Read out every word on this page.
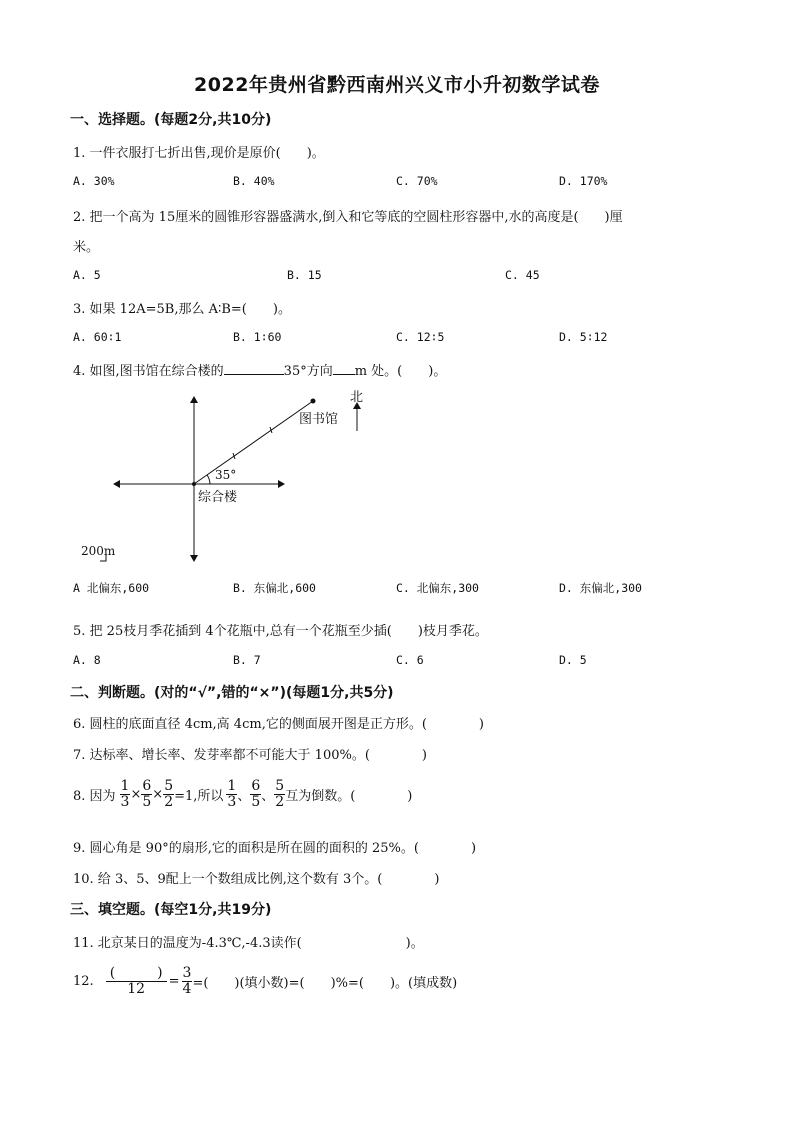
2022年贵州省黔西南州兴义市小升初数学试卷
一、选择题。(每题2分,共10分)
1. 一件衣服打七折出售,现价是原价(　　)。
A. 30%	B. 40%	C. 70%	D. 170%
2. 把一个高为 15厘米的圆锥形容器盛满水,倒入和它等底的空圆柱形容器中,水的高度是(　　)厘
米。
A. 5	B. 15	C. 45
3. 如果 12A=5B,那么 A∶B=(　　)。
A. 60∶1	B. 1∶60	C. 12∶5	D. 5∶12
4. 如图,图书馆在综合楼的	35°方向 m 处。(　　)。
北
图书馆
综合楼
35°
200m
A 北偏东,600	B. 东偏北,600	C. 北偏东,300	D. 东偏北,300
5. 把 25枝月季花插到 4个花瓶中,总有一个花瓶至少插(　　)枝月季花。
A. 8	B. 7	C. 6	D. 5
二、判断题。(对的“√”,错的“×”)(每题1分,共5分)
6. 圆柱的底面直径 4cm,高 4cm,它的侧面展开图是正方形。(　　　　)
7. 达标率、增长率、发芽率都不可能大于 100%。(　　　　)
8. 因为 $\frac{1}{3} \times \frac{6}{5} \times \frac{5}{2} =1$,所以 $\frac{1}{3}$ 、 $\frac{6}{5}$ 、 $\frac{5}{2}$ 互为倒数。(　　　　)
9. 圆心角是 90°的扇形,它的面积是所在圆的面积的 25%。(　　　　)
10. 给 3、5、9配上一个数组成比例,这个数有 3个。(　　　　)
三、填空题。(每空1分,共19分)
11. 北京某日的温度为-4.3℃,-4.3读作(　　　　　　　　)。
12. $\frac{( )}{12} = \frac{3}{4}$ =(　　)(填小数)=(　　)%=(　　)。(填成数)
